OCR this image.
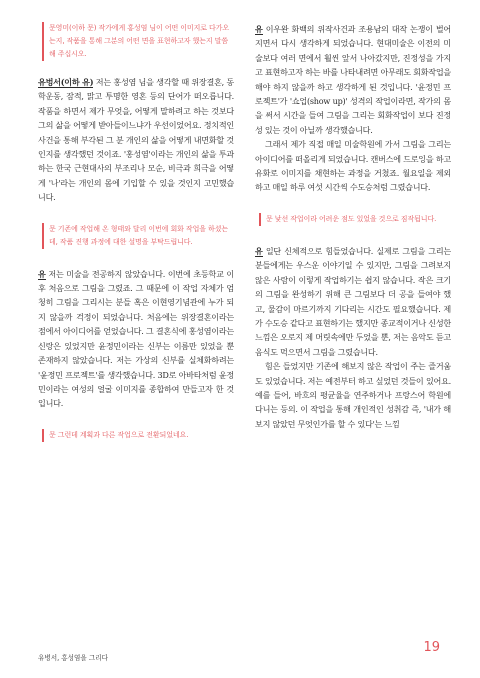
문영미(이하 문) 작가에게 홍성염 님이 어떤 이미지로 다가오는지, 작품을 통해 그분의 어떤 면을 표현하고자 했는지 말씀해 주십시오.

유벙서(이하 유) 저는 홍성염 님을 생각할 때 위장결혼, 동학운동, 잠적, 맑고 투명한 영혼 등의 단어가 떠오릅니다. 작품을 하면서 제가 무엇을, 어떻게 말하려고 하는 것보다 그의 삶을 어떻게 받아들이느냐가 우선이었어요. 정치적인 사건을 통해 부각된 그 분 개인의 삶을 어떻게 내면화할 것인지를 생각했던 것이죠. '홍성염'이라는 개인의 삶을 투과하는 한국 근현대사의 부조리나 모순, 비극과 희극을 어떻게 '나'라는 개인의 몸에 기입할 수 있을 것인지 고민했습니다.

문 기존에 작업해 온 형태와 달리 이번에 회화 작업을 하셨는데, 작품 진행 과정에 대한 설명을 부탁드립니다.

유 저는 미술을 전공하지 않았습니다. 이번에 초등학교 이후 처음으로 그림을 그렸죠. 그 때문에 이 작업 자체가 엄청히 그림을 그리시는 분들 혹은 이현영기념관에 누가 되지 않을까 걱정이 되었습니다. 처음에는 위장결혼이라는 점에서 아이디어를 얻었습니다. 그 결혼식에 홍성염이라는 신랑은 있었지만 윤정민이라는 신부는 이름만 있었을 뿐 존재하지 않았습니다. 저는 가상의 신부를 실체화하려는 '윤정민 프로젝트'를 생각했습니다. 3D로 아바타처럼 윤정민이라는 여성의 얼굴 이미지를 종합하여 만들고자 한 것입니다.

문 그런데 계획과 다른 작업으로 전환되었네요.

유 이우완 화백의 위작사건과 조용남의 대작 논쟁이 벌어지면서 다시 생각하게 되었습니다. 현대미술은 이전의 미술보다 여러 면에서 훨씬 앞서 나아갔지만, 진정성을 가지고 표현하고자 하는 바를 나타내려면 아무래도 회화작업을 해야 하지 않을까 하고 생각하게 된 것입니다. '윤정민 프로젝트'가 '쇼업(show up)' 성격의 작업이라면, 작가의 몸을 써서 시간을 들여 그림을 그리는 회화작업이 보다 진정성 있는 것이 아닐까 생각했습니다.

그래서 제가 직접 매일 미술학원에 가서 그림을 그리는 아이디어를 떠올리게 되었습니다. 캔버스에 드로잉을 하고 유화로 이미지를 채현하는 과정을 거쳤죠. 월요일을 제외하고 매일 하루 여섯 시간씩 수도승처럼 그렸습니다.

문 낯선 작업이라 어려운 점도 있었을 것으로 짐작됩니다.

유 일단 신체적으로 힘들었습니다. 실제로 그림을 그리는 분들에게는 우스운 이야기일 수 있지만, 그림을 그려보지 않은 사람이 이렇게 작업하기는 쉽지 않습니다. 작은 크기의 그림을 완성하기 위해 큰 그림보다 더 공을 들여야 했고, 물감이 마르기까지 기다리는 시간도 필요했습니다. 제가 수도승 같다고 표현하기는 했지만 종교적이거나 신성한 느낌은 오로지 제 머릿속에만 두었을 뿐, 저는 음악도 듣고 음식도 먹으면서 그림을 그렸습니다.

힘은 들었지만 기존에 해보지 않은 작업이 주는 즐거움도 있었습니다. 저는 예전부터 하고 싶었던 것들이 있어요. 예를 들어, 바흐의 평균율을 연주하거나 프랑스어 학원에 다니는 등의. 이 작업을 통해 개인적인 성취감 즉, '내가 해보지 않았던 무엇인가를 할 수 있다'는 느낌

유병서, 홍성염을 그리다
19
